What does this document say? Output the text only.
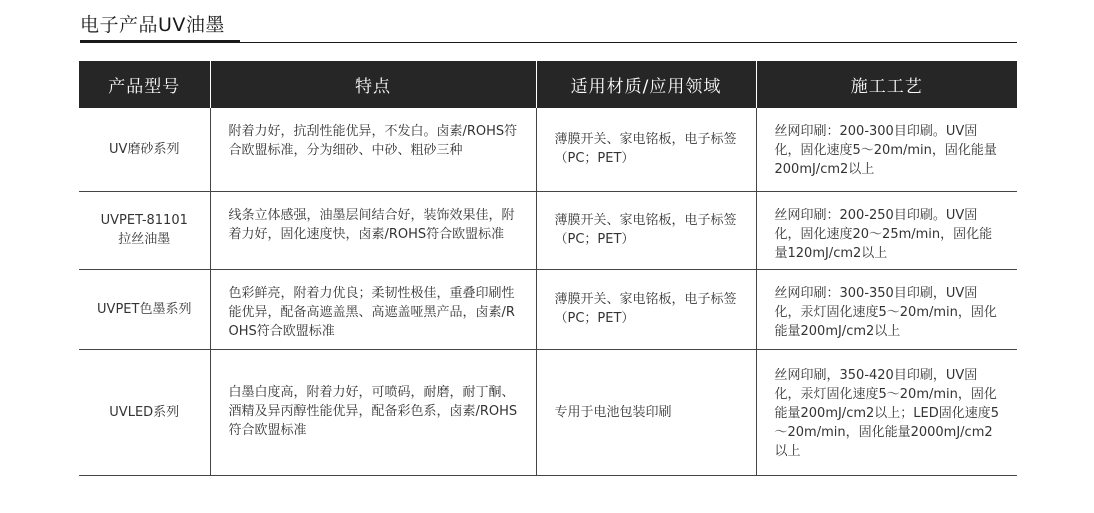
电子产品UV油墨
产品型号	特点	适用材质/应用领域	施工工艺

UV磨砂系列	附着力好，抗刮性能优异，不发白。卤素/ROHS符合欧盟标准，分为细砂、中砂、粗砂三种	薄膜开关、家电铭板，电子标签（PC；PET）	丝网印刷：200-300目印刷。UV固化，固化速度5～20m/min，固化能量200mJ/cm2以上

UVPET-81101
拉丝油墨	线条立体感强，油墨层间结合好，装饰效果佳，附着力好，固化速度快，卤素/ROHS符合欧盟标准	薄膜开关、家电铭板，电子标签（PC；PET）	丝网印刷：200-250目印刷。UV固化，固化速度20～25m/min，固化能量120mJ/cm2以上

UVPET色墨系列	色彩鲜亮，附着力优良；柔韧性极佳，重叠印刷性能优异，配备高遮盖黑、高遮盖哑黑产品，卤素/ROHS符合欧盟标准	薄膜开关、家电铭板，电子标签（PC；PET）	丝网印刷：300-350目印刷，UV固化，汞灯固化速度5～20m/min，固化能量200mJ/cm2以上

UVLED系列	白墨白度高，附着力好，可喷码，耐磨，耐丁酮、酒精及异丙醇性能优异，配备彩色系，卤素/ROHS符合欧盟标准	专用于电池包装印刷	丝网印刷，350-420目印刷，UV固化，汞灯固化速度5～20m/min，固化能量200mJ/cm2以上；LED固化速度5～20m/min，固化能量2000mJ/cm2以上
